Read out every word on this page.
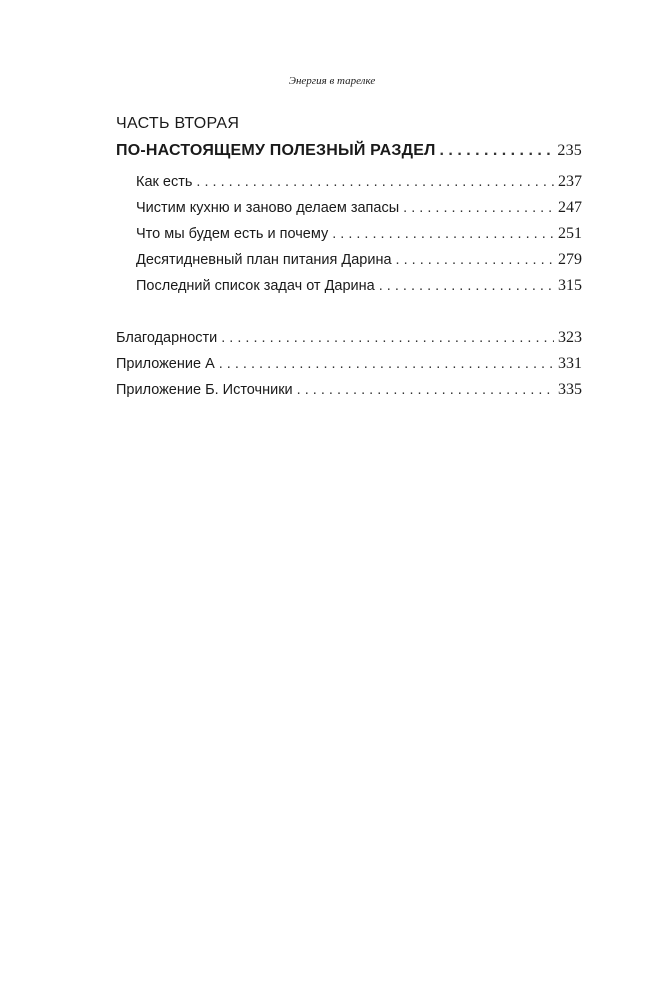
Энергия в тарелке
ЧАСТЬ ВТОРАЯ
ПО-НАСТОЯЩЕМУ ПОЛЕЗНЫЙ РАЗДЕЛ . . .	235
Как есть . . .	237
Чистим кухню и заново делаем запасы . . .	247
Что мы будем есть и почему . . .	251
Десятидневный план питания Дарина . . .	279
Последний список задач от Дарина . . .	315
Благодарности . . .	323
Приложение А . . .	331
Приложение Б. Источники . . .	335
